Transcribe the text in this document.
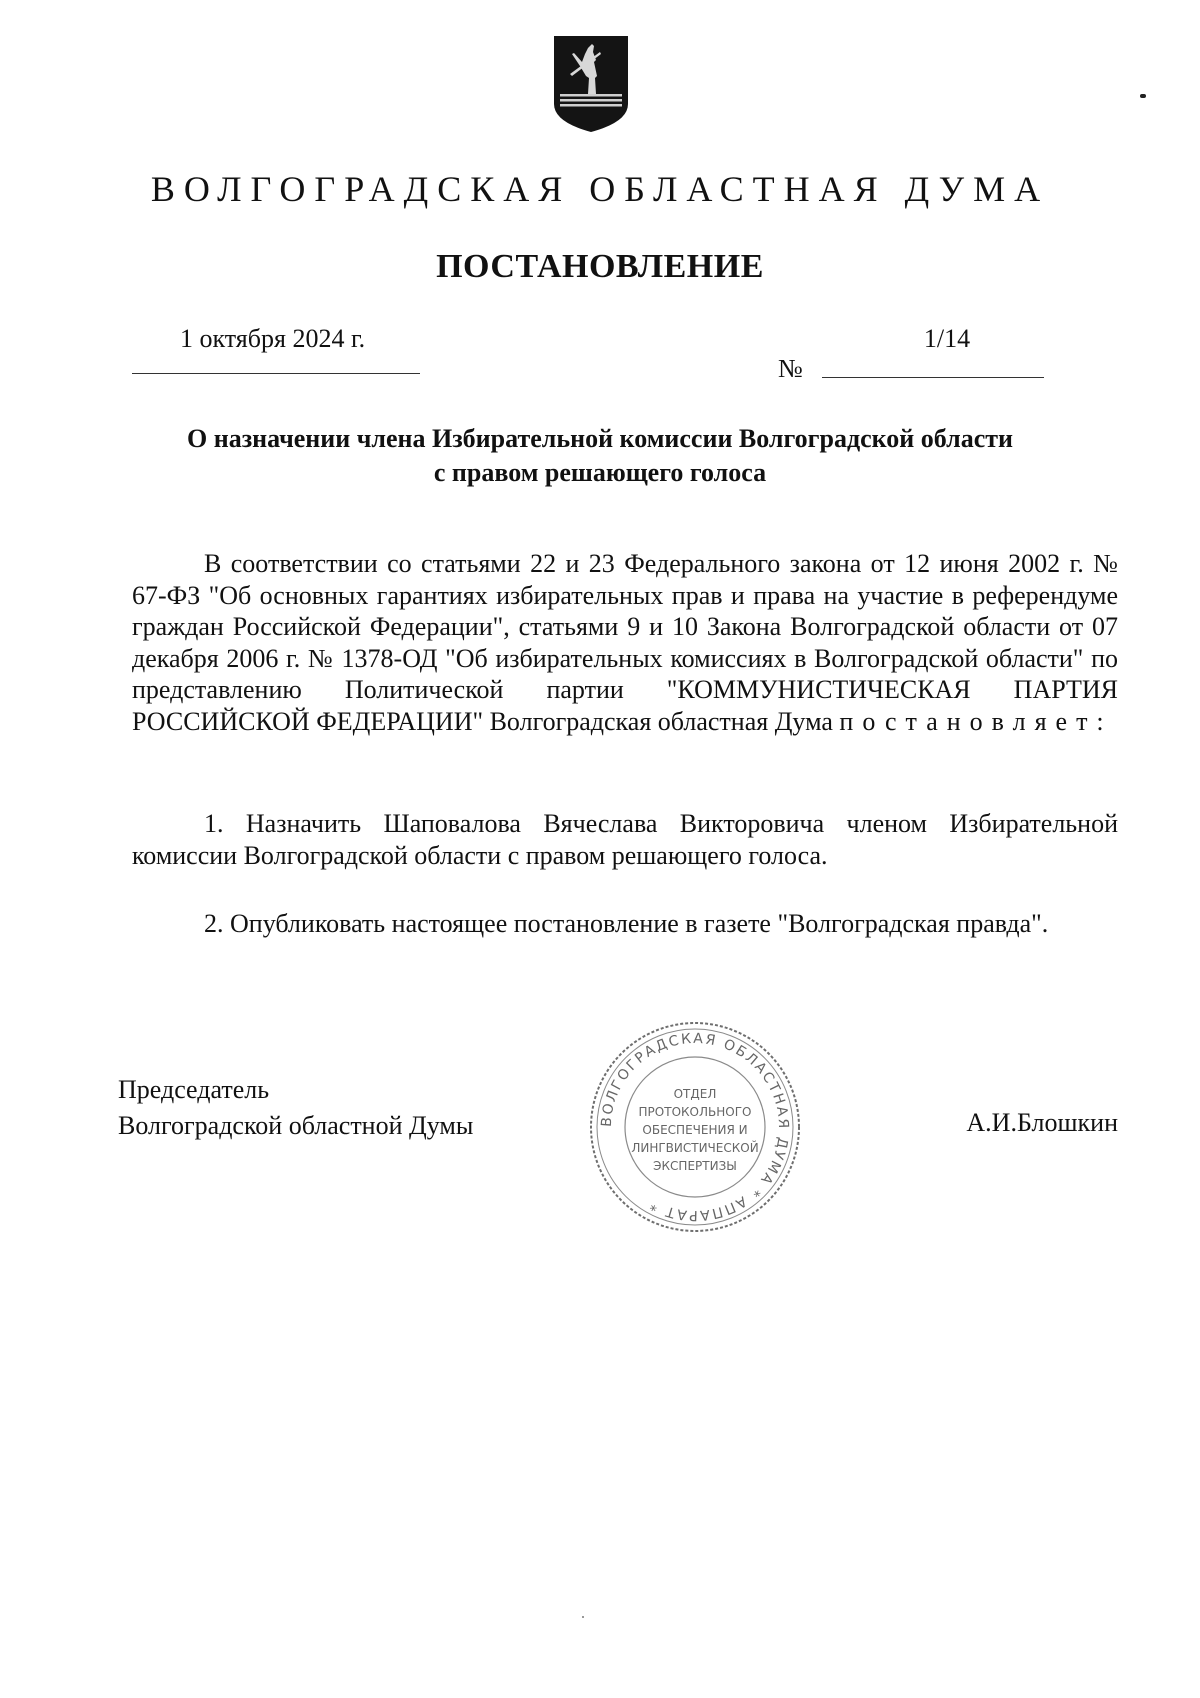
ВОЛГОГРАДСКАЯ ОБЛАСТНАЯ ДУМА
ПОСТАНОВЛЕНИЕ
1 октября 2024 г.
№
1/14
О назначении члена Избирательной комиссии Волгоградской области
с правом решающего голоса

В соответствии со статьями 22 и 23 Федерального закона от 12 июня 2002 г. № 67-ФЗ "Об основных гарантиях избирательных прав и права на участие в референдуме граждан Российской Федерации", статьями 9 и 10 Закона Волгоградской области от 07 декабря 2006 г. № 1378-ОД "Об избирательных комиссиях в Волгоградской области" по представлению Политической партии "КОММУНИСТИЧЕСКАЯ ПАРТИЯ РОССИЙСКОЙ ФЕДЕРАЦИИ" Волгоградская областная Дума постановляет:

1. Назначить Шаповалова Вячеслава Викторовича членом Избирательной комиссии Волгоградской области с правом решающего голоса.

2. Опубликовать настоящее постановление в газете "Волгоградская правда".

Председатель
Волгоградской областной Думы	А.И.Блошкин
ВОЛГОГРАДСКАЯ ОБЛАСТНАЯ ДУМА * АППАРАТ *
ОТДЕЛ
ПРОТОКОЛЬНОГО
ОБЕСПЕЧЕНИЯ И
ЛИНГВИСТИЧЕСКОЙ
ЭКСПЕРТИЗЫ
